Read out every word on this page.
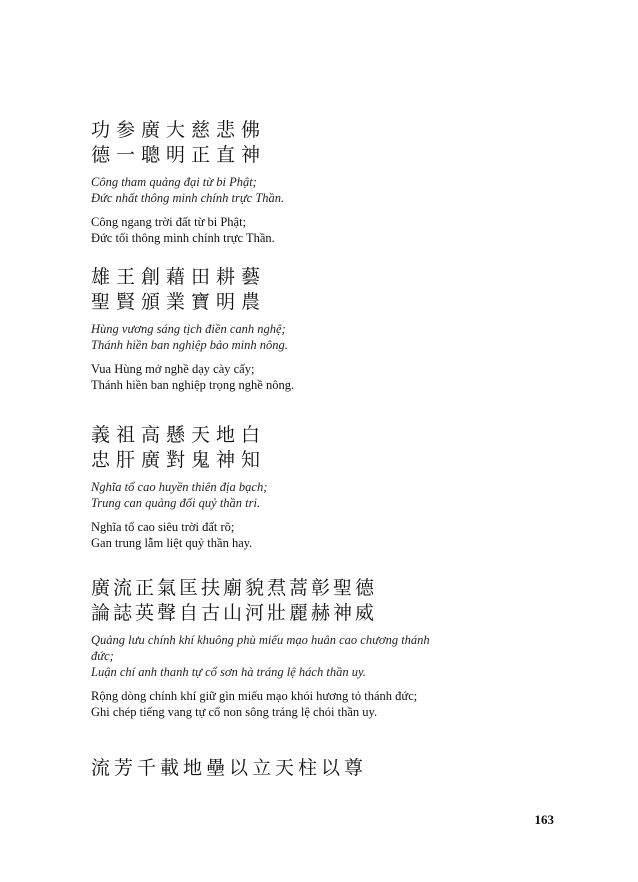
功参廣大慈悲佛
德一聰明正直神
Công tham quảng đại từ bi Phật;
Đức nhất thông minh chính trực Thần.
Công ngang trời đất từ bi Phật;
Đức tối thông minh chính trực Thần.
雄王創藉田耕藝
聖賢頒業寶明農
Hùng vương sáng tịch điền canh nghệ;
Thánh hiền ban nghiệp bảo minh nông.
Vua Hùng mở nghề dạy cày cấy;
Thánh hiền ban nghiệp trọng nghề nông.
義祖高懸天地白
忠肝廣對鬼神知
Nghĩa tổ cao huyền thiên địa bạch;
Trung can quảng đối quỷ thần tri.
Nghĩa tổ cao siêu trời đất rõ;
Gan trung lẫm liệt quỷ thần hay.
廣流正氣匡扶廟貌焄蒿彰聖德
論誌英聲自古山河壯麗赫神威
Quảng lưu chính khí khuông phù miếu mạo huân cao chương thánh
đức;
Luận chí anh thanh tự cổ sơn hà tráng lệ hách thần uy.
Rộng dòng chính khí giữ gìn miếu mạo khói hương tỏ thánh đức;
Ghi chép tiếng vang tự cổ non sông tráng lệ chói thần uy.
流芳千載地壘以立天柱以尊
163
